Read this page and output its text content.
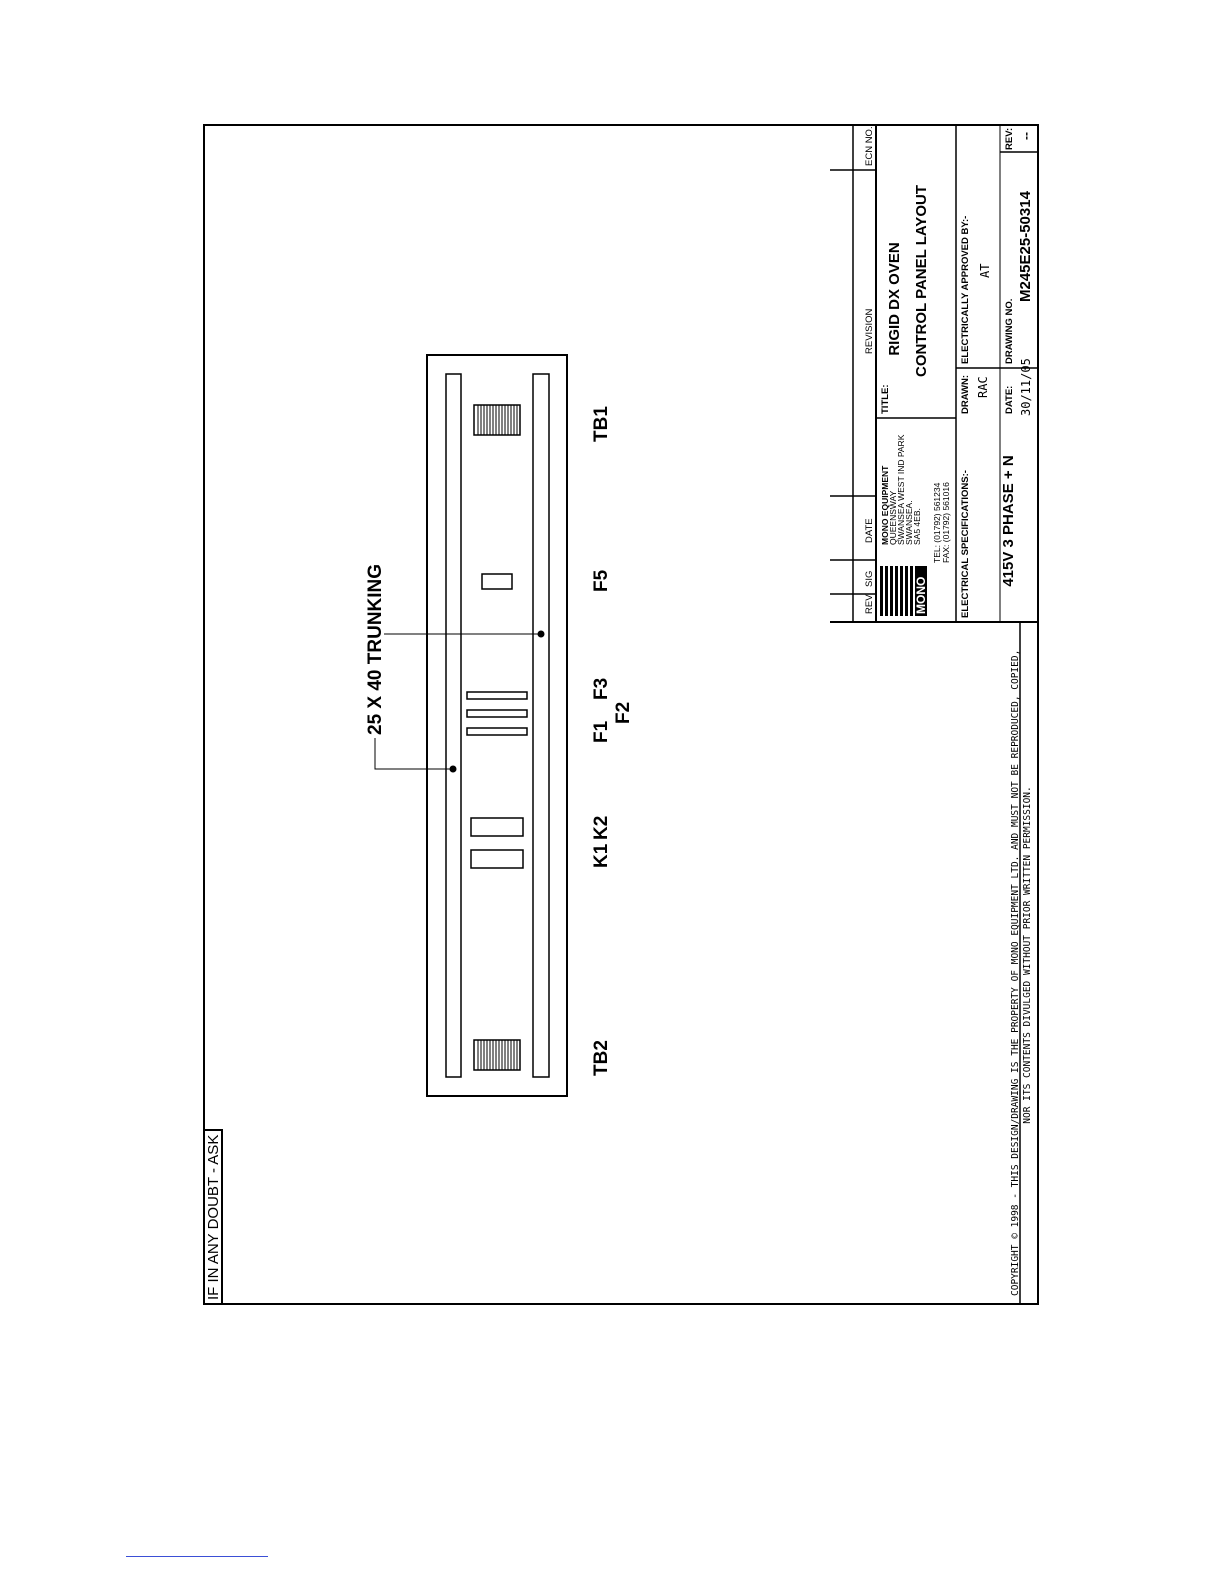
IF IN ANY DOUBT - ASK	COPYRIGHT © 1998 - THIS DESIGN/DRAWING IS THE PROPERTY OF MONO EQUIPMENT LTD. AND MUST NOT BE REPRODUCED, COPIED, NOR ITS CONTENTS DIVULGED WITHOUT PRIOR WRITTEN PERMISSION.
25 X 40 TRUNKING
TB2
K1
K2
F1
F2
F3
F5
TB1
MONO
REV
SIG
DATE
REVISION
ECN NO.
MONO EQUIPMENT
QUEENSWAY
SWANSEA WEST IND PARK
SWANSEA.
SA5 4EB. TEL: (01792) 561234 FAX: (01792) 561016
TITLE:
RIGID DX OVEN CONTROL PANEL LAYOUT
ELECTRICAL SPECIFICATIONS:- 415V 3 PHASE + N
DRAWN: RAC DATE: 30/11/05
ELECTRICALLY APPROVED BY:- AT
DRAWING NO.
M245E25-50314
REV: --
